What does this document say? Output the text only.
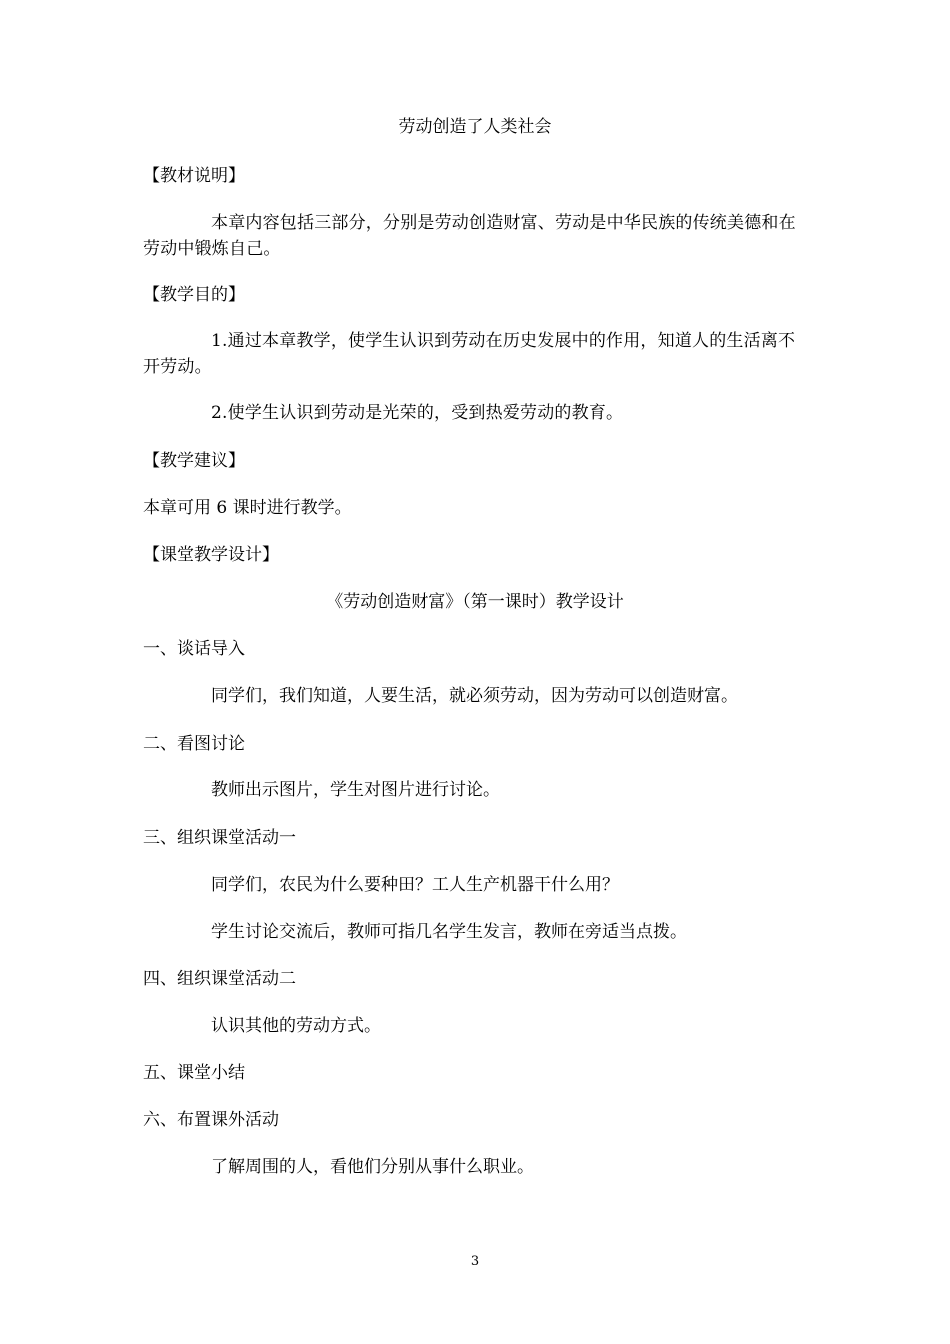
劳动创造了人类社会
【教材说明】
本章内容包括三部分，分别是劳动创造财富、劳动是中华民族的传统美德和在劳动中锻炼自己。
【教学目的】
1.通过本章教学，使学生认识到劳动在历史发展中的作用，知道人的生活离不开劳动。
2.使学生认识到劳动是光荣的，受到热爱劳动的教育。
【教学建议】
本章可用 6 课时进行教学。
【课堂教学设计】
《劳动创造财富》（第一课时）教学设计
一、谈话导入
同学们，我们知道，人要生活，就必须劳动，因为劳动可以创造财富。
二、看图讨论
教师出示图片，学生对图片进行讨论。
三、组织课堂活动一
同学们，农民为什么要种田？工人生产机器干什么用？
学生讨论交流后，教师可指几名学生发言，教师在旁适当点拨。
四、组织课堂活动二
认识其他的劳动方式。
五、课堂小结
六、布置课外活动
了解周围的人，看他们分别从事什么职业。
3
